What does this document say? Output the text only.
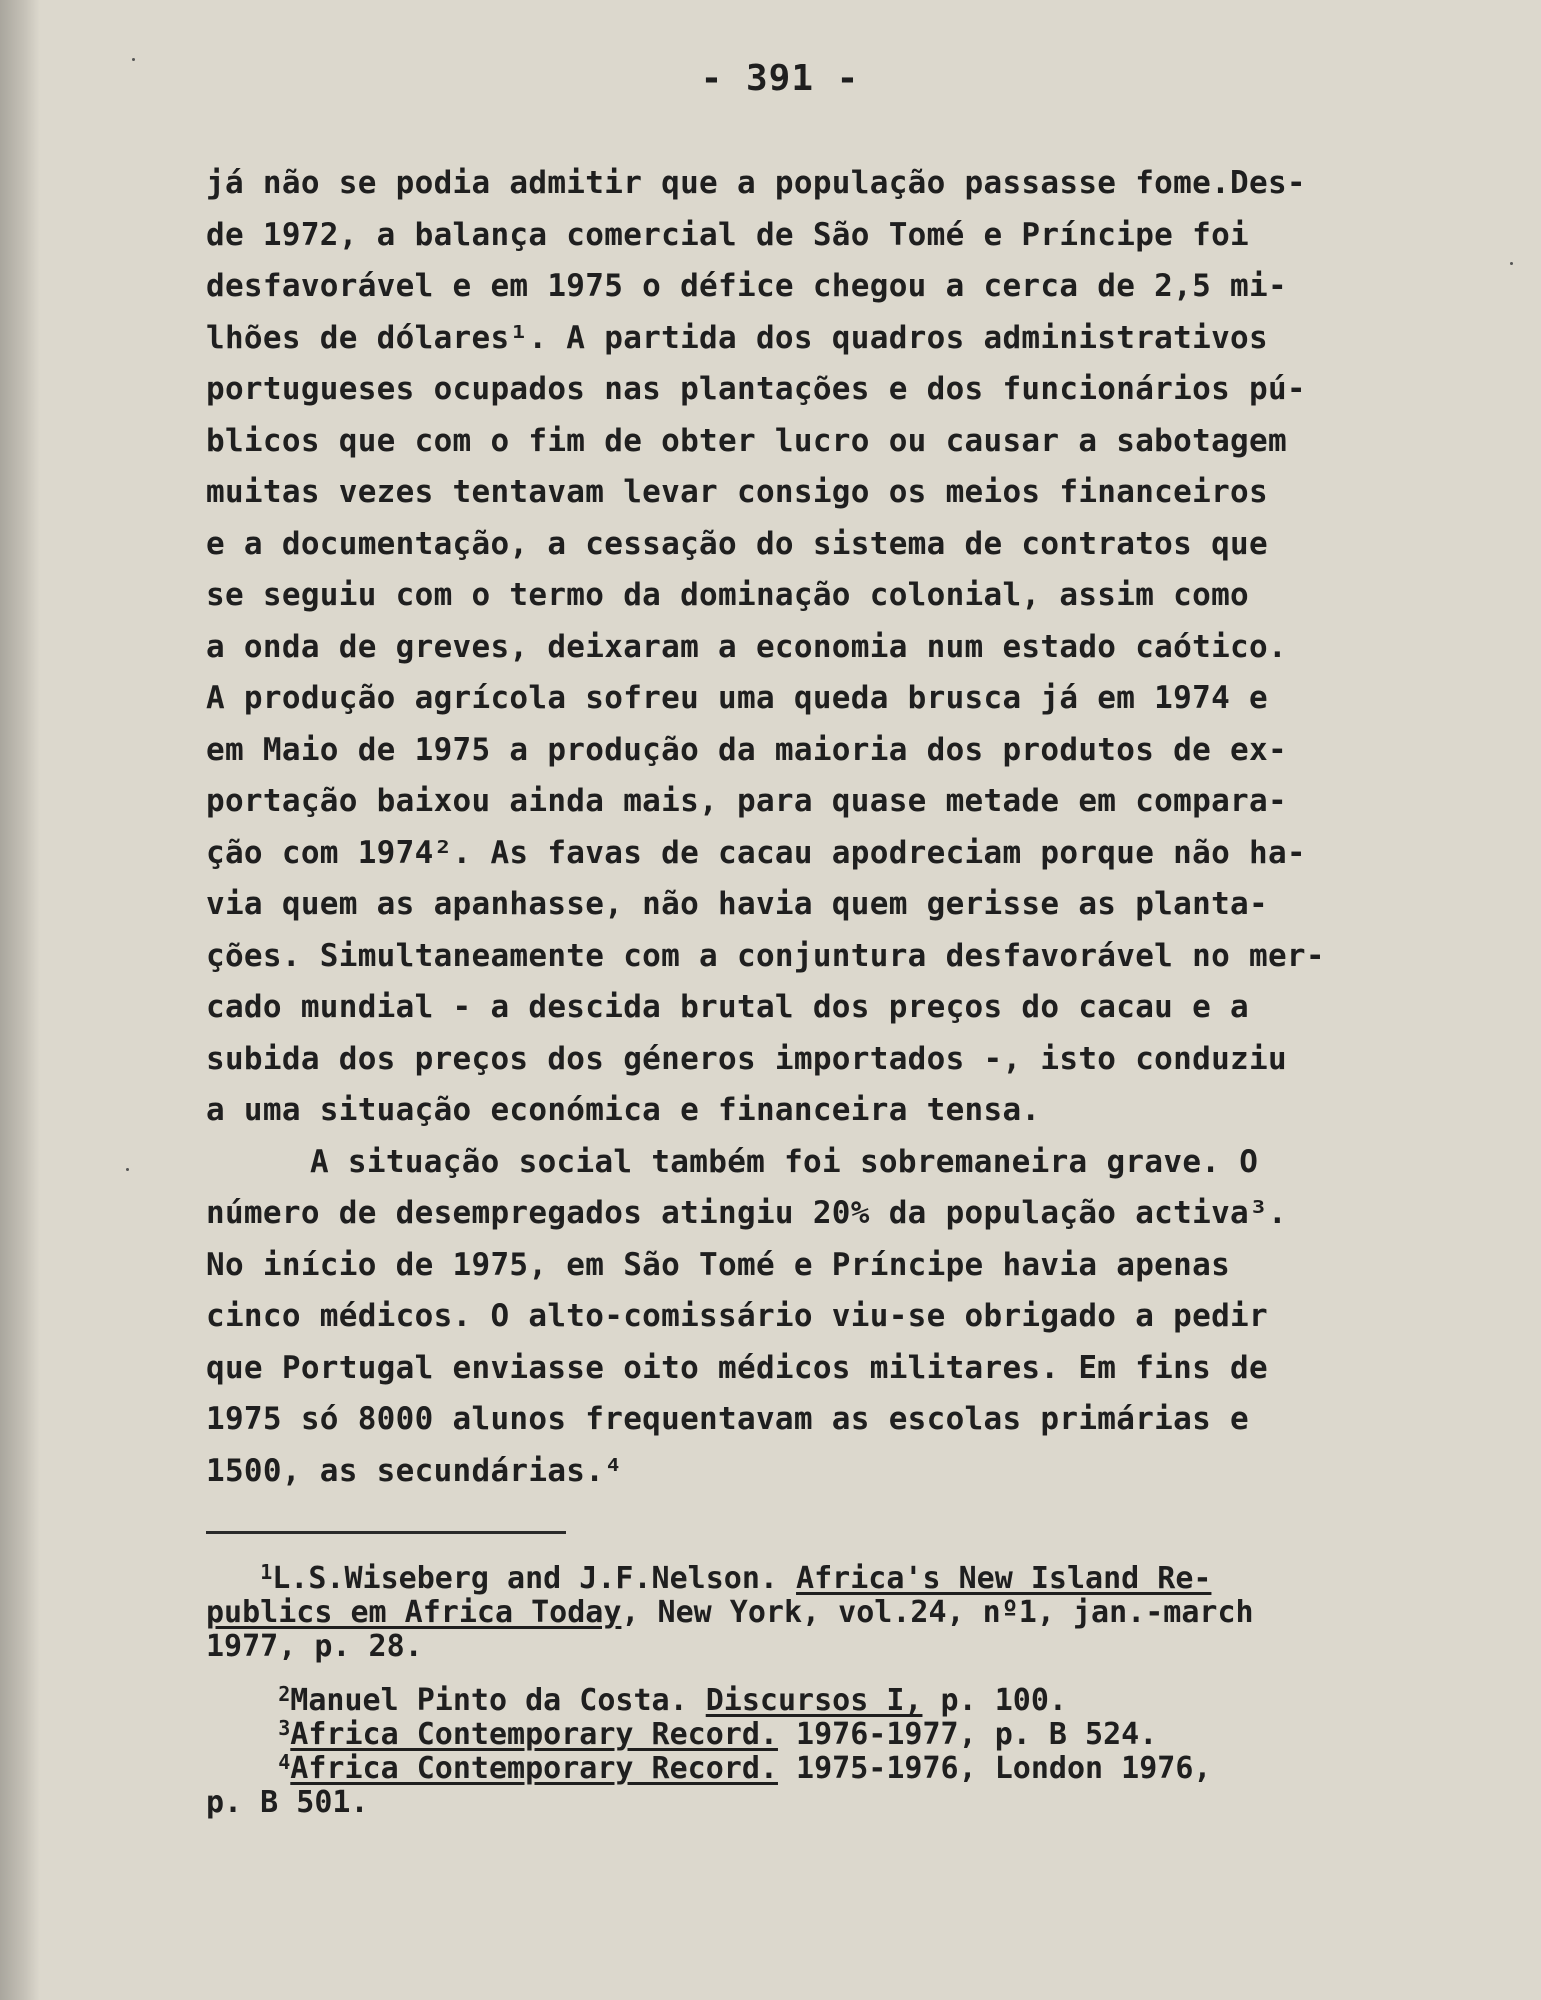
- 391 -
já não se podia admitir que a população passasse fome.Des-
de 1972, a balança comercial de São Tomé e Príncipe foi
desfavorável e em 1975 o défice chegou a cerca de 2,5 mi-
lhões de dólares¹. A partida dos quadros administrativos
portugueses ocupados nas plantações e dos funcionários pú-
blicos que com o fim de obter lucro ou causar a sabotagem
muitas vezes tentavam levar consigo os meios financeiros
e a documentação, a cessação do sistema de contratos que
se seguiu com o termo da dominação colonial, assim como
a onda de greves, deixaram a economia num estado caótico.
A produção agrícola sofreu uma queda brusca já em 1974 e
em Maio de 1975 a produção da maioria dos produtos de ex-
portação baixou ainda mais, para quase metade em compara-
ção com 1974². As favas de cacau apodreciam porque não ha-
via quem as apanhasse, não havia quem gerisse as planta-
ções. Simultaneamente com a conjuntura desfavorável no mer-
cado mundial - a descida brutal dos preços do cacau e a
subida dos preços dos géneros importados -, isto conduziu
a uma situação económica e financeira tensa.
A situação social também foi sobremaneira grave. O
número de desempregados atingiu 20% da população activa³.
No início de 1975, em São Tomé e Príncipe havia apenas
cinco médicos. O alto-comissário viu-se obrigado a pedir
que Portugal enviasse oito médicos militares. Em fins de
1975 só 8000 alunos frequentavam as escolas primárias e
1500, as secundárias.⁴
$^1$L.S.Wiseberg and J.F.Nelson. Africa's New Island Re-
publics em Africa Today, New York, vol.24, nº1, jan.-march
1977, p. 28.
$^2$Manuel Pinto da Costa. Discursos I, p. 100.
$^3$Africa Contemporary Record. 1976-1977, p. B 524.
$^4$Africa Contemporary Record. 1975-1976, London 1976,
p. B 501.
